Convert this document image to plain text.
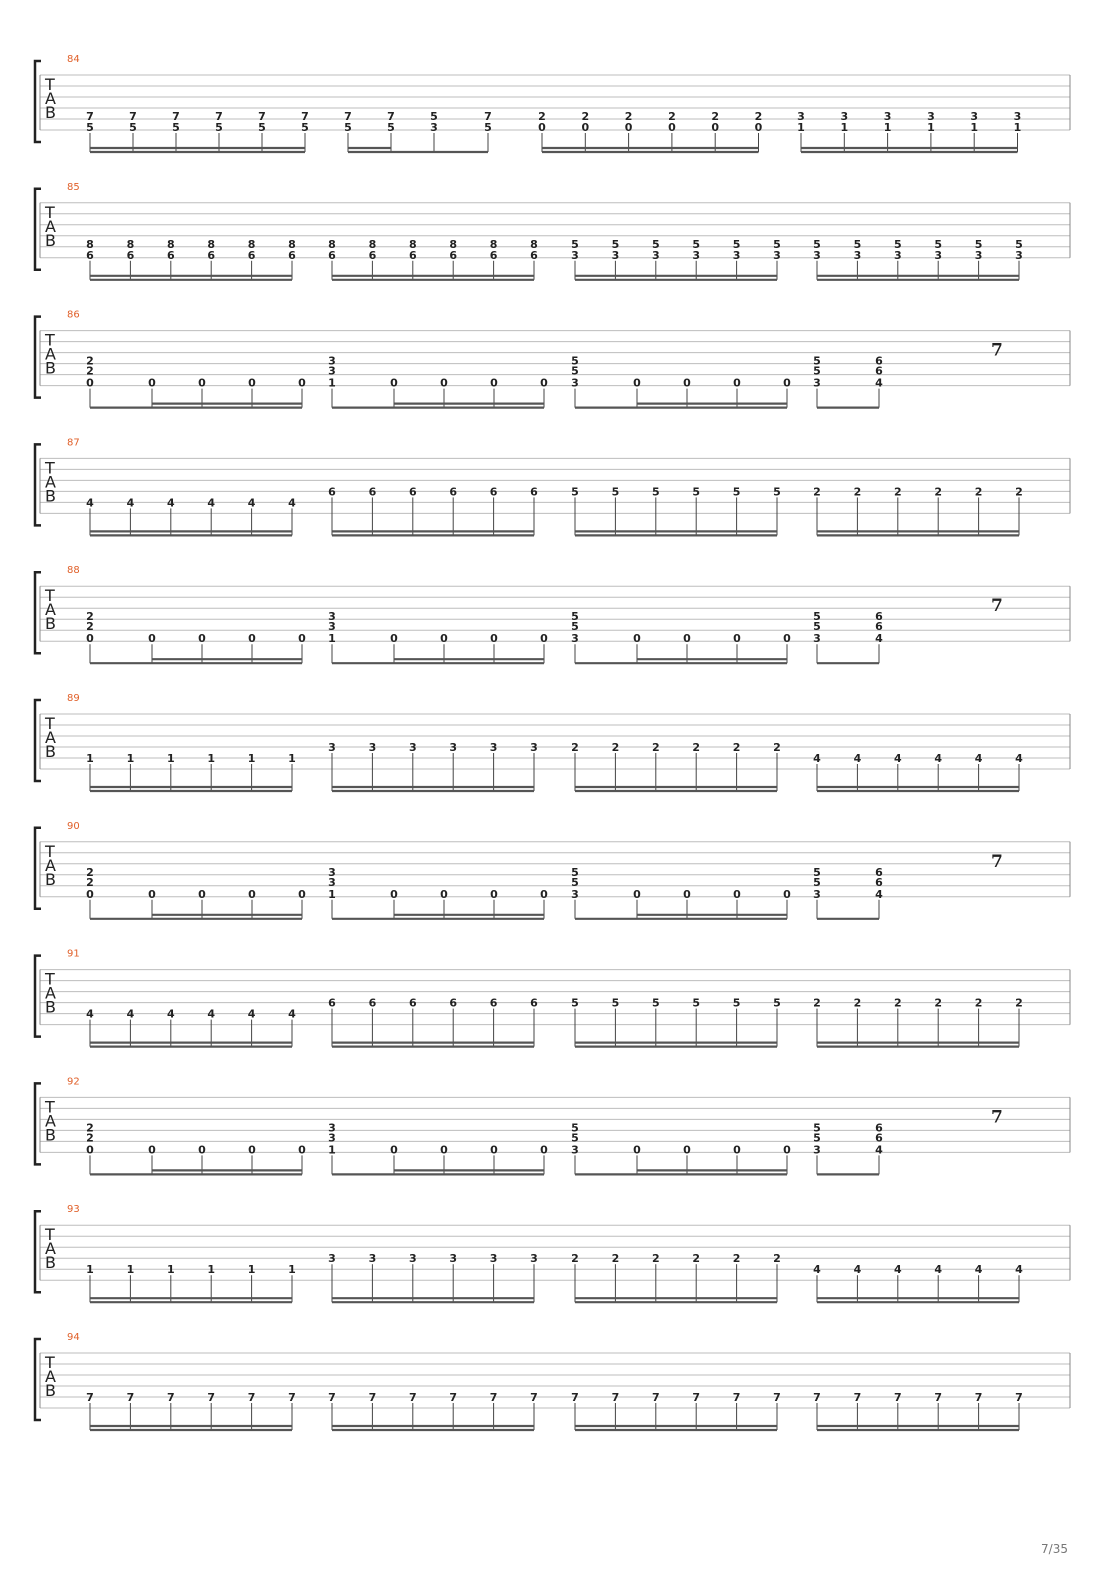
84
T
A
B	7
5
7
5
7
5
7
5
7
5
7
5
7
5
7
5
5
3
7
5
2
0
2
0
2
0
2
0
2
0
2
0
3
1
3
1
3
1
3
1
3
1
3
1
85
T
A
B	8
6
8
6
8
6
8
6
8
6
8
6
8
6
8
6
8
6
8
6
8
6
8
6
5
3
5
3
5
3
5
3
5
3
5
3
5
3
5
3
5
3
5
3
5
3
5
3
86
T
A
B
7
2
2
0	0	0	0	0
3
3
1	0	0	0	0
5
5
3	0	0	0	0
5
5
3
6
6
4
87
T
A
B	4	4	4	4	4	4
6	6	6	6	6	6	5	5	5	5	5	5	2	2	2	2	2	2
88
T
A
B
7
2
2
0	0	0	0	0
3
3
1	0	0	0	0
5
5
3	0	0	0	0
5
5
3
6
6
4
89
T
A
B	1	1	1	1	1	1
3	3	3	3	3	3	2	2	2	2	2	2
4	4	4	4	4	4
90
T
A
B
7
2
2
0	0	0	0	0
3
3
1	0	0	0	0
5
5
3	0	0	0	0
5
5
3
6
6
4
91
T
A
B	4	4	4	4	4	4
6	6	6	6	6	6	5	5	5	5	5	5	2	2	2	2	2	2
92
T
A
B
7
2
2
0	0	0	0	0
3
3
1	0	0	0	0
5
5
3	0	0	0	0
5
5
3
6
6
4
93
T
A
B	1	1	1	1	1	1
3	3	3	3	3	3	2	2	2	2	2	2
4	4	4	4	4	4
94
T
A
B	7	7	7	7	7	7	7	7	7	7	7	7	7	7	7	7	7	7	7	7	7	7	7	7
7/35
